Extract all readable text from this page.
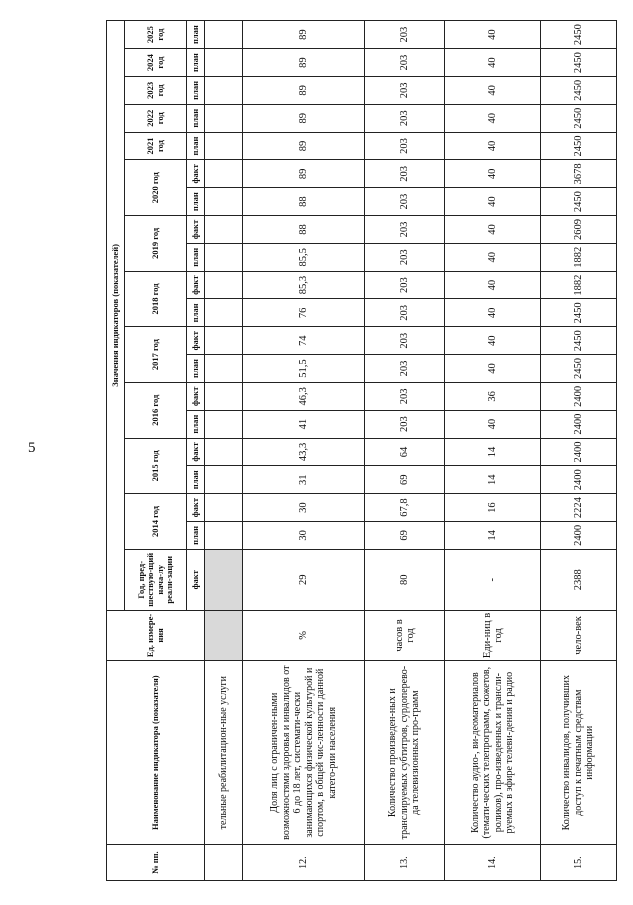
5
№ пп.	Наименование индикатора (показателя)	Ед. измере-ния	Значения индикаторов (показателей)																			
			Год, пред-шествую-щий нача-лу реали-зации	2014 год		2015 год		2016 год		2017 год		2018 год		2019 год		2020 год		2021 год	2022 год	2023 год	2024 год	2025 год
			факт	план	факт	план	факт	план	факт	план	факт	план	факт	план	факт	план	факт	план	план	план	план	план
	тельные реабилитацион-ные услуги																					
12.	Доля лиц с ограничен-ными возможностями здоровья и инвалидов от 6 до 18 лет, системати-чески занимающихся физической культурой и спортом, в общей чис-ленности данной катего-рии населения	%	29	30	30	31	43,3	41	46,3	51,5	74	76	85,3	85,5	88	88	89	89	89	89	89	89
13.	Количество произведен-ных и транслируемых субтитров, сурдоперево-да телевизионных про-грамм	часов в год	80	69	67,8	69	64	203	203	203	203	203	203	203	203	203	203	203	203	203	203	203
14.	Количество аудио-, ви-деоматериалов (темати-ческих телепрограмм, сюжетов, роликов), про-изведенных и трансли-руемых в эфире телеви-дения и радио	Еди-ниц в год	-	14	16	14	14	40	36	40	40	40	40	40	40	40	40	40	40	40	40	40
15.	Количество инвалидов, получивших доступ к печатным средствам информации	чело-век	2388	2400	2224	2400	2400	2400	2400	2450	2450	2450	1882	1882	2609	2450	3678	2450	2450	2450	2450	2450
